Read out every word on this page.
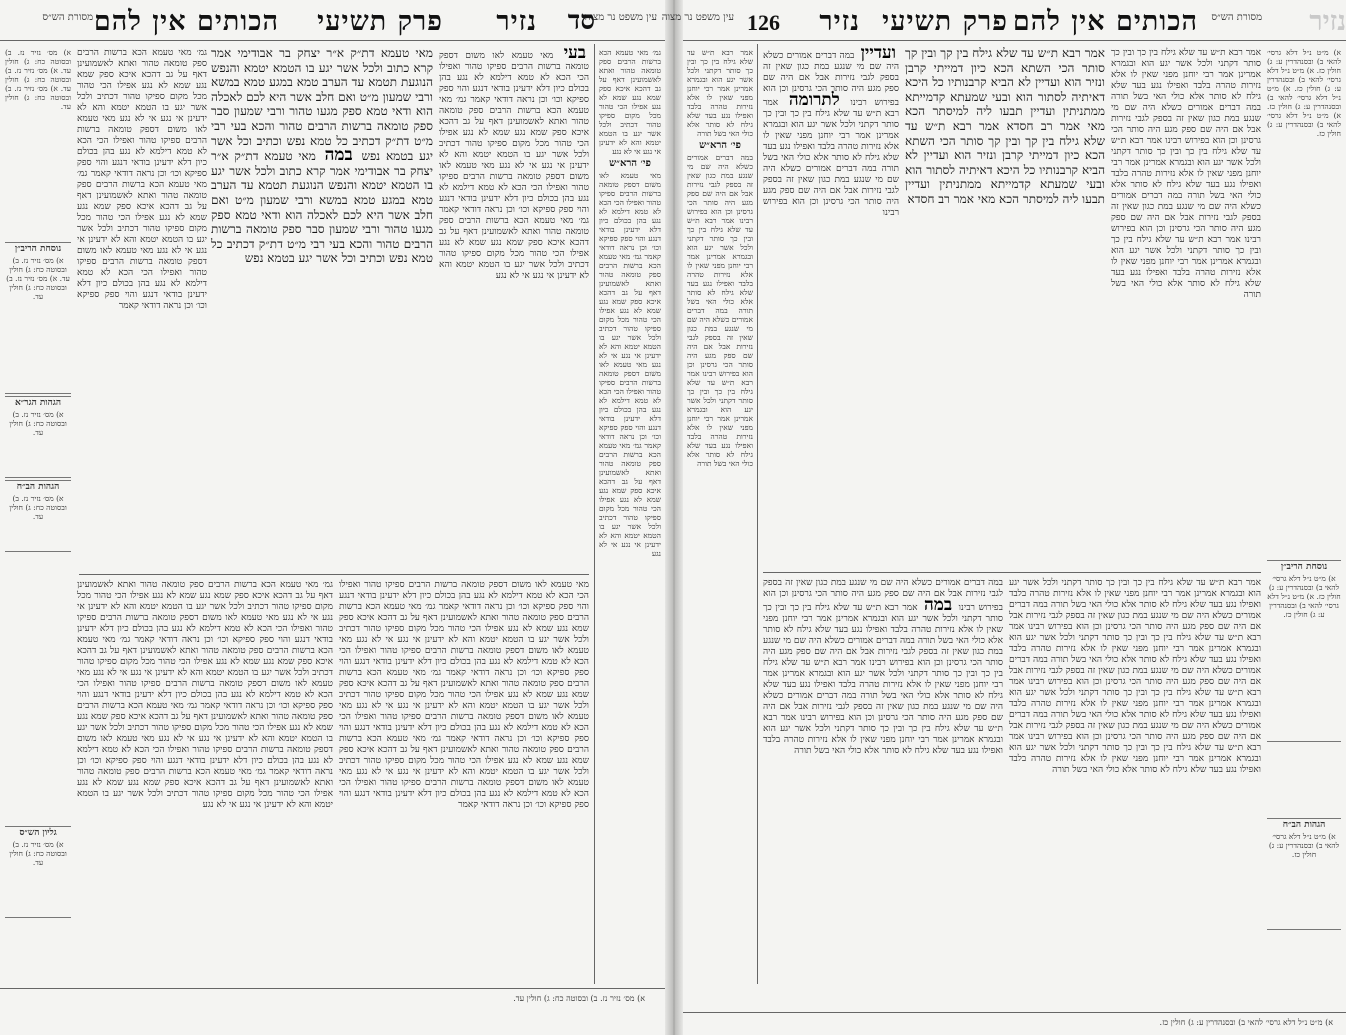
עין משפט נר מצוה
סד
נזיר
פרק תשיעי
הכותים אין להם
מסורת הש״ס
גמ׳ מאי טעמא הכא ברשות הרבים ספק טומאה טהור ואתא לאשמועינן דאף על גב דהכא איכא ספק שמא נגע שמא לא נגע אפילו הכי טהור מכל מקום ספיקו טהור דכתיב ולכל אשר יגע בו הטמא יטמא והא לא ידעינן אי נגע אי לא נגע
פי׳ הרא״ש
מאי טעמא לאו משום דספק טומאה ברשות הרבים ספיקו טהור ואפילו הכי הכא לא טמא דילמא לא נגע בהן בכולם כיון דלא ידעינן בודאי דנגע והוי ספק ספיקא וכו׳ וכן נראה דודאי קאמר גמ׳ מאי טעמא הכא ברשות הרבים ספק טומאה טהור ואתא לאשמועינן דאף על גב דהכא איכא ספק שמא נגע שמא לא נגע אפילו הכי טהור מכל מקום ספיקו טהור דכתיב ולכל אשר יגע בו הטמא יטמא והא לא ידעינן אי נגע אי לא נגע מאי טעמא לאו משום דספק טומאה ברשות הרבים ספיקו טהור ואפילו הכי הכא לא טמא דילמא לא נגע בהן בכולם כיון דלא ידעינן בודאי דנגע והוי ספק ספיקא וכו׳ וכן נראה דודאי קאמר גמ׳ מאי טעמא הכא ברשות הרבים ספק טומאה טהור ואתא לאשמועינן דאף על גב דהכא איכא ספק שמא נגע שמא לא נגע אפילו הכי טהור מכל מקום ספיקו טהור דכתיב ולכל אשר יגע בו הטמא יטמא והא לא ידעינן אי נגע אי לא נגע
בעי מאי טעמא לאו משום דספק טומאה ברשות הרבים ספיקו טהור ואפילו הכי הכא לא טמא דילמא לא נגע בהן בכולם כיון דלא ידעינן בודאי דנגע והוי ספק ספיקא וכו׳ וכן נראה דודאי קאמר גמ׳ מאי טעמא הכא ברשות הרבים ספק טומאה טהור ואתא לאשמועינן דאף על גב דהכא איכא ספק שמא נגע שמא לא נגע אפילו הכי טהור מכל מקום ספיקו טהור דכתיב ולכל אשר יגע בו הטמא יטמא והא לא ידעינן אי נגע אי לא נגע מאי טעמא לאו משום דספק טומאה ברשות הרבים ספיקו טהור ואפילו הכי הכא לא טמא דילמא לא נגע בהן בכולם כיון דלא ידעינן בודאי דנגע והוי ספק ספיקא וכו׳ וכן נראה דודאי קאמר גמ׳ מאי טעמא הכא ברשות הרבים ספק טומאה טהור ואתא לאשמועינן דאף על גב דהכא איכא ספק שמא נגע שמא לא נגע אפילו הכי טהור מכל מקום ספיקו טהור דכתיב ולכל אשר יגע בו הטמא יטמא והא לא ידעינן אי נגע אי לא נגע
מאי טעמא דת״ק א״ר יצחק בר אבודימי אמר קרא כתוב ולכל אשר יגע בו הטמא יטמא והנפש הנוגעת תטמא עד הערב טמא במגע טמא במשא ורבי שמעון מ״ט ואם חלב אשר היא לכם לאכלה הוא ודאי טמא ספק מגעו טהור ורבי שמעון סבר ספק טומאה ברשות הרבים טהור והכא בעי רבי מ״ט דת״ק דכתיב כל טמא נפש וכתיב וכל אשר יגע בטמא נפש במה מאי טעמא דת״ק א״ר יצחק בר אבודימי אמר קרא כתוב ולכל אשר יגע בו הטמא יטמא והנפש הנוגעת תטמא עד הערב טמא במגע טמא במשא ורבי שמעון מ״ט ואם חלב אשר היא לכם לאכלה הוא ודאי טמא ספק מגעו טהור ורבי שמעון סבר ספק טומאה ברשות הרבים טהור והכא בעי רבי מ״ט דת״ק דכתיב כל טמא נפש וכתיב וכל אשר יגע בטמא נפש
גמ׳ מאי טעמא הכא ברשות הרבים ספק טומאה טהור ואתא לאשמועינן דאף על גב דהכא איכא ספק שמא נגע שמא לא נגע אפילו הכי טהור מכל מקום ספיקו טהור דכתיב ולכל אשר יגע בו הטמא יטמא והא לא ידעינן אי נגע אי לא נגע מאי טעמא לאו משום דספק טומאה ברשות הרבים ספיקו טהור ואפילו הכי הכא לא טמא דילמא לא נגע בהן בכולם כיון דלא ידעינן בודאי דנגע והוי ספק ספיקא וכו׳ וכן נראה דודאי קאמר גמ׳ מאי טעמא הכא ברשות הרבים ספק טומאה טהור ואתא לאשמועינן דאף על גב דהכא איכא ספק שמא נגע שמא לא נגע אפילו הכי טהור מכל מקום ספיקו טהור דכתיב ולכל אשר יגע בו הטמא יטמא והא לא ידעינן אי נגע אי לא נגע מאי טעמא לאו משום דספק טומאה ברשות הרבים ספיקו טהור ואפילו הכי הכא לא טמא דילמא לא נגע בהן בכולם כיון דלא ידעינן בודאי דנגע והוי ספק ספיקא וכו׳ וכן נראה דודאי קאמר
א) מס׳ נזיר נז. ב) ובסוטה כח: ג) חולין עד. א) מס׳ נזיר נז. ב) ובסוטה כח: ג) חולין עד. א) מס׳ נזיר נז. ב) ובסוטה כח: ג) חולין עד.
נוסחת הריב״ן
א) מס׳ נזיר נז. ב) ובסוטה כח: ג) חולין עד. א) מס׳ נזיר נז. ב) ובסוטה כח: ג) חולין עד.
הגהות הגר״א
א) מס׳ נזיר נז. ב) ובסוטה כח: ג) חולין עד.
הגהות הב״ח
א) מס׳ נזיר נז. ב) ובסוטה כח: ג) חולין עד.
גליון הש״ס
א) מס׳ נזיר נז. ב) ובסוטה כח: ג) חולין עד.
מאי טעמא לאו משום דספק טומאה ברשות הרבים ספיקו טהור ואפילו הכי הכא לא טמא דילמא לא נגע בהן בכולם כיון דלא ידעינן בודאי דנגע והוי ספק ספיקא וכו׳ וכן נראה דודאי קאמר גמ׳ מאי טעמא הכא ברשות הרבים ספק טומאה טהור ואתא לאשמועינן דאף על גב דהכא איכא ספק שמא נגע שמא לא נגע אפילו הכי טהור מכל מקום ספיקו טהור דכתיב ולכל אשר יגע בו הטמא יטמא והא לא ידעינן אי נגע אי לא נגע מאי טעמא לאו משום דספק טומאה ברשות הרבים ספיקו טהור ואפילו הכי הכא לא טמא דילמא לא נגע בהן בכולם כיון דלא ידעינן בודאי דנגע והוי ספק ספיקא וכו׳ וכן נראה דודאי קאמר גמ׳ מאי טעמא הכא ברשות הרבים ספק טומאה טהור ואתא לאשמועינן דאף על גב דהכא איכא ספק שמא נגע שמא לא נגע אפילו הכי טהור מכל מקום ספיקו טהור דכתיב ולכל אשר יגע בו הטמא יטמא והא לא ידעינן אי נגע אי לא נגע מאי טעמא לאו משום דספק טומאה ברשות הרבים ספיקו טהור ואפילו הכי הכא לא טמא דילמא לא נגע בהן בכולם כיון דלא ידעינן בודאי דנגע והוי ספק ספיקא וכו׳ וכן נראה דודאי קאמר גמ׳ מאי טעמא הכא ברשות הרבים ספק טומאה טהור ואתא לאשמועינן דאף על גב דהכא איכא ספק שמא נגע שמא לא נגע אפילו הכי טהור מכל מקום ספיקו טהור דכתיב ולכל אשר יגע בו הטמא יטמא והא לא ידעינן אי נגע אי לא נגע מאי טעמא לאו משום דספק טומאה ברשות הרבים ספיקו טהור ואפילו הכי הכא לא טמא דילמא לא נגע בהן בכולם כיון דלא ידעינן בודאי דנגע והוי ספק ספיקא וכו׳ וכן נראה דודאי קאמר
גמ׳ מאי טעמא הכא ברשות הרבים ספק טומאה טהור ואתא לאשמועינן דאף על גב דהכא איכא ספק שמא נגע שמא לא נגע אפילו הכי טהור מכל מקום ספיקו טהור דכתיב ולכל אשר יגע בו הטמא יטמא והא לא ידעינן אי נגע אי לא נגע מאי טעמא לאו משום דספק טומאה ברשות הרבים ספיקו טהור ואפילו הכי הכא לא טמא דילמא לא נגע בהן בכולם כיון דלא ידעינן בודאי דנגע והוי ספק ספיקא וכו׳ וכן נראה דודאי קאמר גמ׳ מאי טעמא הכא ברשות הרבים ספק טומאה טהור ואתא לאשמועינן דאף על גב דהכא איכא ספק שמא נגע שמא לא נגע אפילו הכי טהור מכל מקום ספיקו טהור דכתיב ולכל אשר יגע בו הטמא יטמא והא לא ידעינן אי נגע אי לא נגע מאי טעמא לאו משום דספק טומאה ברשות הרבים ספיקו טהור ואפילו הכי הכא לא טמא דילמא לא נגע בהן בכולם כיון דלא ידעינן בודאי דנגע והוי ספק ספיקא וכו׳ וכן נראה דודאי קאמר גמ׳ מאי טעמא הכא ברשות הרבים ספק טומאה טהור ואתא לאשמועינן דאף על גב דהכא איכא ספק שמא נגע שמא לא נגע אפילו הכי טהור מכל מקום ספיקו טהור דכתיב ולכל אשר יגע בו הטמא יטמא והא לא ידעינן אי נגע אי לא נגע מאי טעמא לאו משום דספק טומאה ברשות הרבים ספיקו טהור ואפילו הכי הכא לא טמא דילמא לא נגע בהן בכולם כיון דלא ידעינן בודאי דנגע והוי ספק ספיקא וכו׳ וכן נראה דודאי קאמר גמ׳ מאי טעמא הכא ברשות הרבים ספק טומאה טהור ואתא לאשמועינן דאף על גב דהכא איכא ספק שמא נגע שמא לא נגע אפילו הכי טהור מכל מקום ספיקו טהור דכתיב ולכל אשר יגע בו הטמא יטמא והא לא ידעינן אי נגע אי לא נגע
א) מס׳ נזיר נז. ב) ובסוטה כח: ג) חולין עד.
נזיר
מסורת הש״ס
הכותים אין להם
פרק תשיעי
נזיר
126
עין משפט נר מצוה
אמר רבא ת״ש עד שלא גילח בין כך ובין כך סותר דקתני ולכל אשר יגע הוא ובגמרא אמרינן אמר רבי יוחנן מפני שאין לו אלא נזירות טהרה בלבד ואפילו נגע בעד שלא גילח לא סותר אלא כולי האי בשל תורה
פי׳ הרא״ש
במה דברים אמורים כשלא היה שם מי שנגע במת כגון שאין זה בספק לגבי נזירות אבל אם היה שם ספק מגע היה סותר הכי גרסינן וכן הוא בפירוש רבינו אמר רבא ת״ש עד שלא גילח בין כך ובין כך סותר דקתני ולכל אשר יגע הוא ובגמרא אמרינן אמר רבי יוחנן מפני שאין לו אלא נזירות טהרה בלבד ואפילו נגע בעד שלא גילח לא סותר אלא כולי האי בשל תורה במה דברים אמורים כשלא היה שם מי שנגע במת כגון שאין זה בספק לגבי נזירות אבל אם היה שם ספק מגע היה סותר הכי גרסינן וכן הוא בפירוש רבינו אמר רבא ת״ש עד שלא גילח בין כך ובין כך סותר דקתני ולכל אשר יגע הוא ובגמרא אמרינן אמר רבי יוחנן מפני שאין לו אלא נזירות טהרה בלבד ואפילו נגע בעד שלא גילח לא סותר אלא כולי האי בשל תורה
ועדיין במה דברים אמורים כשלא היה שם מי שנגע במת כגון שאין זה בספק לגבי נזירות אבל אם היה שם ספק מגע היה סותר הכי גרסינן וכן הוא בפירוש רבינו לתרומה אמר רבא ת״ש עד שלא גילח בין כך ובין כך סותר דקתני ולכל אשר יגע הוא ובגמרא אמרינן אמר רבי יוחנן מפני שאין לו אלא נזירות טהרה בלבד ואפילו נגע בעד שלא גילח לא סותר אלא כולי האי בשל תורה במה דברים אמורים כשלא היה שם מי שנגע במת כגון שאין זה בספק לגבי נזירות אבל אם היה שם ספק מגע היה סותר הכי גרסינן וכן הוא בפירוש רבינו
אמר רבא ת״ש עד שלא גילח בין קך ובין קך סותר הכי השתא הכא כיון דמייתי קרבן ונזיר הוא ועדיין לא הביא קרבנותיו כל היכא דאיתיה לסתור הוא ובעי שמעתא קדמייתא ממתניתין ועדיין תבעו ליה למיסתר הכא מאי אמר רב חסדא אמר רבא ת״ש עד שלא גילח בין קך ובין קך סותר הכי השתא הכא כיון דמייתי קרבן ונזיר הוא ועדיין לא הביא קרבנותיו כל היכא דאיתיה לסתור הוא ובעי שמעתא קדמייתא ממתניתין ועדיין תבעו ליה למיסתר הכא מאי אמר רב חסדא
אמר רבא ת״ש עד שלא גילח בין כך ובין כך סותר דקתני ולכל אשר יגע הוא ובגמרא אמרינן אמר רבי יוחנן מפני שאין לו אלא נזירות טהרה בלבד ואפילו נגע בעד שלא גילח לא סותר אלא כולי האי בשל תורה במה דברים אמורים כשלא היה שם מי שנגע במת כגון שאין זה בספק לגבי נזירות אבל אם היה שם ספק מגע היה סותר הכי גרסינן וכן הוא בפירוש רבינו אמר רבא ת״ש עד שלא גילח בין כך ובין כך סותר דקתני ולכל אשר יגע הוא ובגמרא אמרינן אמר רבי יוחנן מפני שאין לו אלא נזירות טהרה בלבד ואפילו נגע בעד שלא גילח לא סותר אלא כולי האי בשל תורה במה דברים אמורים כשלא היה שם מי שנגע במת כגון שאין זה בספק לגבי נזירות אבל אם היה שם ספק מגע היה סותר הכי גרסינן וכן הוא בפירוש רבינו אמר רבא ת״ש עד שלא גילח בין כך ובין כך סותר דקתני ולכל אשר יגע הוא ובגמרא אמרינן אמר רבי יוחנן מפני שאין לו אלא נזירות טהרה בלבד ואפילו נגע בעד שלא גילח לא סותר אלא כולי האי בשל תורה
א) מ״ט נ״ל דלא גרסי׳ להאי ב) ובסנהדרין ע: ג) חולין כז. א) מ״ט נ״ל דלא גרסי׳ להאי ב) ובסנהדרין ע: ג) חולין כז. א) מ״ט נ״ל דלא גרסי׳ להאי ב) ובסנהדרין ע: ג) חולין כז. א) מ״ט נ״ל דלא גרסי׳ להאי ב) ובסנהדרין ע: ג) חולין כז.
נוסחת הריב״ן
א) מ״ט נ״ל דלא גרסי׳ להאי ב) ובסנהדרין ע: ג) חולין כז. א) מ״ט נ״ל דלא גרסי׳ להאי ב) ובסנהדרין ע: ג) חולין כז.
הגהות הב״ח
א) מ״ט נ״ל דלא גרסי׳ להאי ב) ובסנהדרין ע: ג) חולין כז.
במה דברים אמורים כשלא היה שם מי שנגע במת כגון שאין זה בספק לגבי נזירות אבל אם היה שם ספק מגע היה סותר הכי גרסינן וכן הוא בפירוש רבינו במה אמר רבא ת״ש עד שלא גילח בין כך ובין כך סותר דקתני ולכל אשר יגע הוא ובגמרא אמרינן אמר רבי יוחנן מפני שאין לו אלא נזירות טהרה בלבד ואפילו נגע בעד שלא גילח לא סותר אלא כולי האי בשל תורה במה דברים אמורים כשלא היה שם מי שנגע במת כגון שאין זה בספק לגבי נזירות אבל אם היה שם ספק מגע היה סותר הכי גרסינן וכן הוא בפירוש רבינו אמר רבא ת״ש עד שלא גילח בין כך ובין כך סותר דקתני ולכל אשר יגע הוא ובגמרא אמרינן אמר רבי יוחנן מפני שאין לו אלא נזירות טהרה בלבד ואפילו נגע בעד שלא גילח לא סותר אלא כולי האי בשל תורה במה דברים אמורים כשלא היה שם מי שנגע במת כגון שאין זה בספק לגבי נזירות אבל אם היה שם ספק מגע היה סותר הכי גרסינן וכן הוא בפירוש רבינו אמר רבא ת״ש עד שלא גילח בין כך ובין כך סותר דקתני ולכל אשר יגע הוא ובגמרא אמרינן אמר רבי יוחנן מפני שאין לו אלא נזירות טהרה בלבד ואפילו נגע בעד שלא גילח לא סותר אלא כולי האי בשל תורה
אמר רבא ת״ש עד שלא גילח בין כך ובין כך סותר דקתני ולכל אשר יגע הוא ובגמרא אמרינן אמר רבי יוחנן מפני שאין לו אלא נזירות טהרה בלבד ואפילו נגע בעד שלא גילח לא סותר אלא כולי האי בשל תורה במה דברים אמורים כשלא היה שם מי שנגע במת כגון שאין זה בספק לגבי נזירות אבל אם היה שם ספק מגע היה סותר הכי גרסינן וכן הוא בפירוש רבינו אמר רבא ת״ש עד שלא גילח בין כך ובין כך סותר דקתני ולכל אשר יגע הוא ובגמרא אמרינן אמר רבי יוחנן מפני שאין לו אלא נזירות טהרה בלבד ואפילו נגע בעד שלא גילח לא סותר אלא כולי האי בשל תורה במה דברים אמורים כשלא היה שם מי שנגע במת כגון שאין זה בספק לגבי נזירות אבל אם היה שם ספק מגע היה סותר הכי גרסינן וכן הוא בפירוש רבינו אמר רבא ת״ש עד שלא גילח בין כך ובין כך סותר דקתני ולכל אשר יגע הוא ובגמרא אמרינן אמר רבי יוחנן מפני שאין לו אלא נזירות טהרה בלבד ואפילו נגע בעד שלא גילח לא סותר אלא כולי האי בשל תורה במה דברים אמורים כשלא היה שם מי שנגע במת כגון שאין זה בספק לגבי נזירות אבל אם היה שם ספק מגע היה סותר הכי גרסינן וכן הוא בפירוש רבינו אמר רבא ת״ש עד שלא גילח בין כך ובין כך סותר דקתני ולכל אשר יגע הוא ובגמרא אמרינן אמר רבי יוחנן מפני שאין לו אלא נזירות טהרה בלבד ואפילו נגע בעד שלא גילח לא סותר אלא כולי האי בשל תורה
א) מ״ט נ״ל דלא גרסי׳ להאי ב) ובסנהדרין ע: ג) חולין כז.
